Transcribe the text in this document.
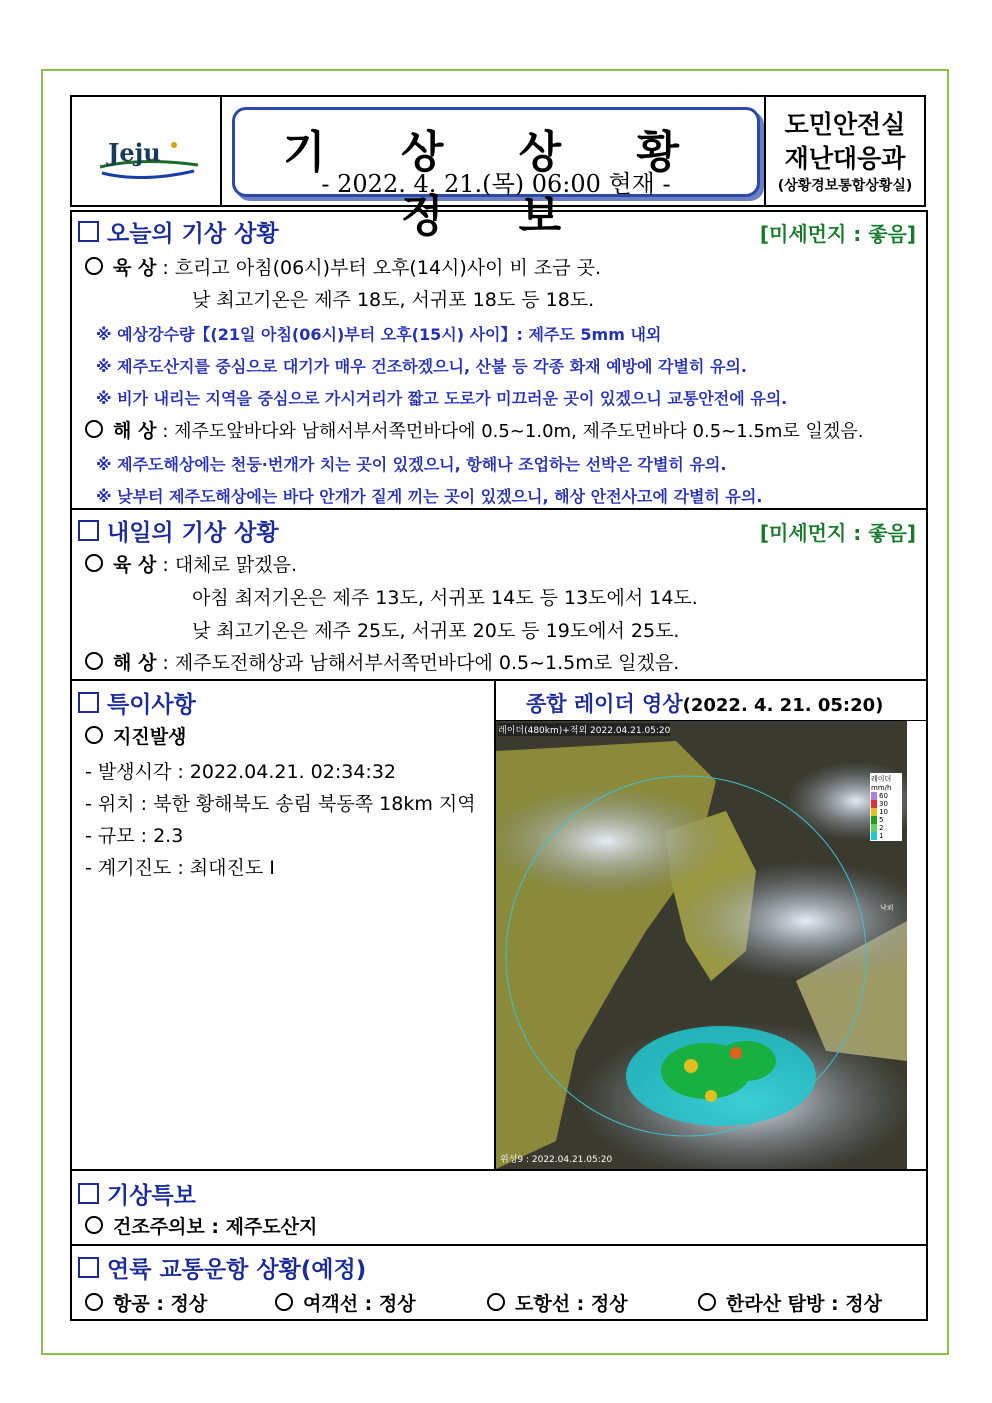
Jeju	기 상 상 황 정 보
- 2022. 4. 21.(목) 06:00 현재 -
도민안전실
재난대응과
(상황경보통합상황실)
오늘의 기상 상황	[미세먼지 : 좋음]
육 상 : 흐리고 아침(06시)부터 오후(14시)사이 비 조금 곳.
낮 최고기온은 제주 18도, 서귀포 18도 등 18도.
※ 예상강수량【(21일 아침(06시)부터 오후(15시) 사이】: 제주도 5mm 내외
※ 제주도산지를 중심으로 대기가 매우 건조하겠으니, 산불 등 각종 화재 예방에 각별히 유의.
※ 비가 내리는 지역을 중심으로 가시거리가 짧고 도로가 미끄러운 곳이 있겠으니 교통안전에 유의.
해 상 : 제주도앞바다와 남해서부서쪽먼바다에 0.5~1.0m, 제주도먼바다 0.5~1.5m로 일겠음.
※ 제주도해상에는 천둥·번개가 치는 곳이 있겠으니, 항해나 조업하는 선박은 각별히 유의.
※ 낮부터 제주도해상에는 바다 안개가 짙게 끼는 곳이 있겠으니, 해상 안전사고에 각별히 유의.
내일의 기상 상황	[미세먼지 : 좋음]
육 상 : 대체로 맑겠음.
아침 최저기온은 제주 13도, 서귀포 14도 등 13도에서 14도.
낮 최고기온은 제주 25도, 서귀포 20도 등 19도에서 25도.
해 상 : 제주도전해상과 남해서부서쪽먼바다에 0.5~1.5m로 일겠음.
특이사항
지진발생
- 발생시각 : 2022.04.21. 02:34:32
- 위치 : 북한 황해북도 송림 북동쪽 18km 지역
- 규모 : 2.3
- 계기진도 : 최대진도 Ⅰ
종합 레이더 영상(2022. 4. 21. 05:20)
레이더(480km)+적외 2022.04.21.05:20
위성9 : 2022.04.21.05:20
레이더
mm/h
60
30
10
5
2
1
낙뢰
기상특보
건조주의보 : 제주도산지
연륙 교통운항 상황(예정)
항공 : 정상	여객선 : 정상	도항선 : 정상	한라산 탐방 : 정상
